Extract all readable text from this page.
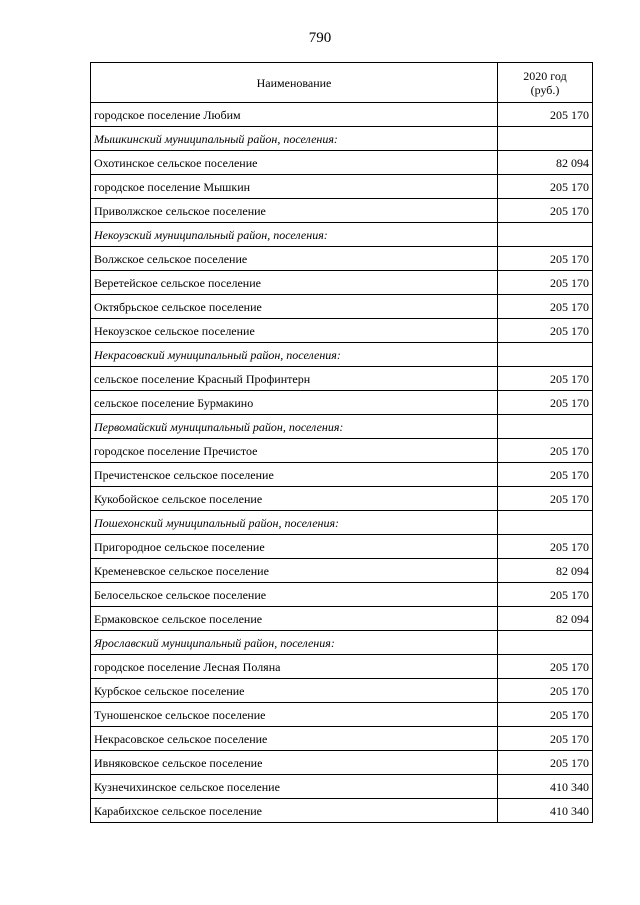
790
Наименование	2020 год
(руб.)
городское поселение Любим	205 170
Мышкинский муниципальный район, поселения:	
Охотинское сельское поселение	82 094
городское поселение Мышкин	205 170
Приволжское сельское поселение	205 170
Некоузский муниципальный район, поселения:	
Волжское сельское поселение	205 170
Веретейское сельское поселение	205 170
Октябрьское сельское поселение	205 170
Некоузское сельское поселение	205 170
Некрасовский муниципальный район, поселения:	
сельское поселение Красный Профинтерн	205 170
сельское поселение Бурмакино	205 170
Первомайский муниципальный район, поселения:	
городское поселение Пречистое	205 170
Пречистенское сельское поселение	205 170
Кукобойское сельское поселение	205 170
Пошехонский муниципальный район, поселения:	
Пригородное сельское поселение	205 170
Кременевское сельское поселение	82 094
Белосельское сельское поселение	205 170
Ермаковское сельское поселение	82 094
Ярославский муниципальный район, поселения:	
городское поселение Лесная Поляна	205 170
Курбское сельское поселение	205 170
Туношенское сельское поселение	205 170
Некрасовское сельское поселение	205 170
Ивняковское сельское поселение	205 170
Кузнечихинское сельское поселение	410 340
Карабихское сельское поселение	410 340
